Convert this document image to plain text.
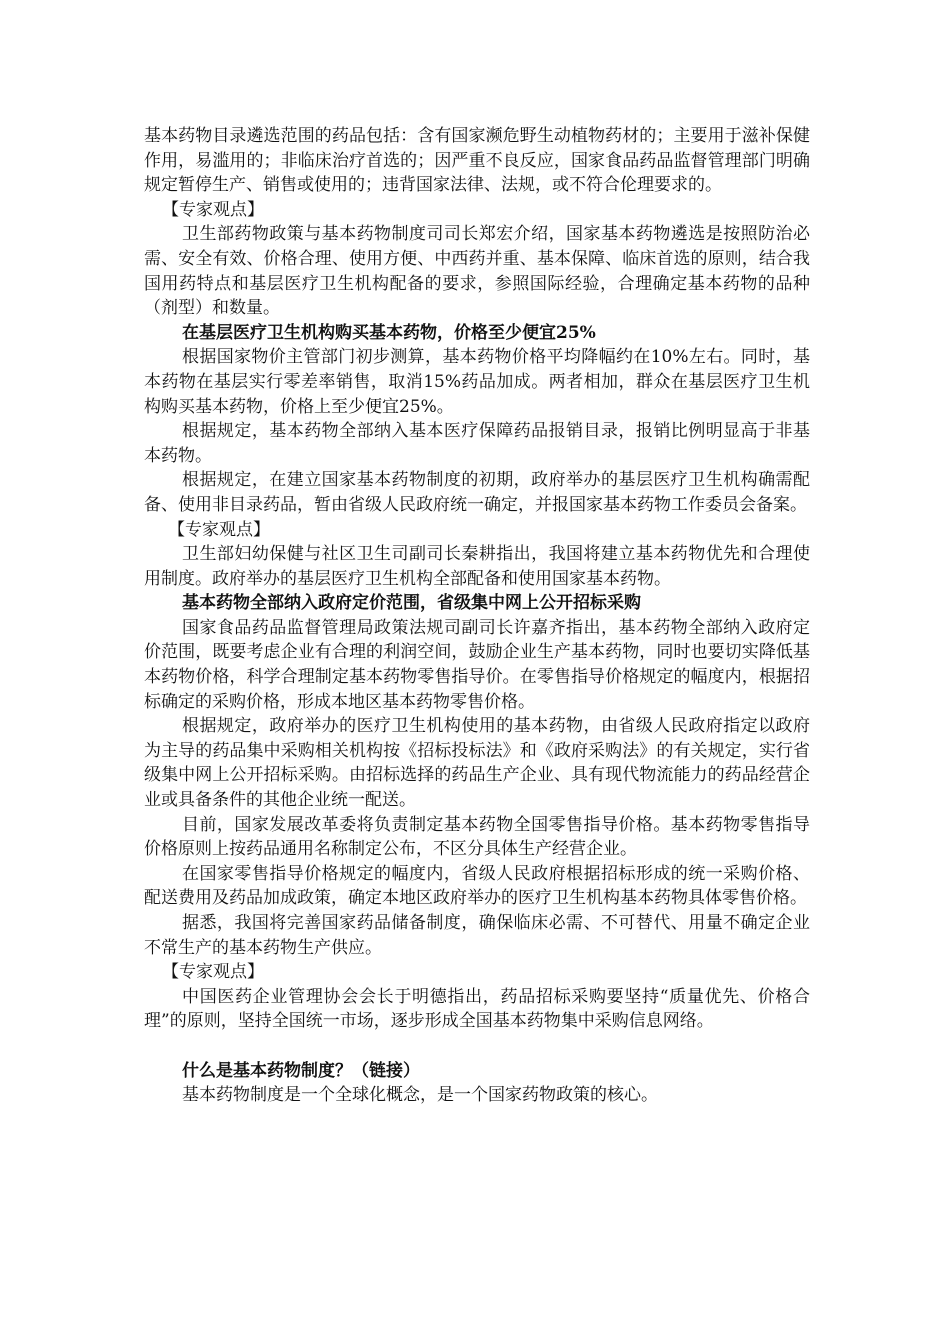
基本药物目录遴选范围的药品包括：含有国家濒危野生动植物药材的；主要用于滋补保健作用，易滥用的；非临床治疗首选的；因严重不良反应，国家食品药品监督管理部门明确规定暂停生产、销售或使用的；违背国家法律、法规，或不符合伦理要求的。

【专家观点】

卫生部药物政策与基本药物制度司司长郑宏介绍，国家基本药物遴选是按照防治必需、安全有效、价格合理、使用方便、中西药并重、基本保障、临床首选的原则，结合我国用药特点和基层医疗卫生机构配备的要求，参照国际经验，合理确定基本药物的品种（剂型）和数量。

在基层医疗卫生机构购买基本药物，价格至少便宜25%

根据国家物价主管部门初步测算，基本药物价格平均降幅约在10%左右。同时，基本药物在基层实行零差率销售，取消15%药品加成。两者相加，群众在基层医疗卫生机构购买基本药物，价格上至少便宜25%。

根据规定，基本药物全部纳入基本医疗保障药品报销目录，报销比例明显高于非基本药物。

根据规定，在建立国家基本药物制度的初期，政府举办的基层医疗卫生机构确需配备、使用非目录药品，暂由省级人民政府统一确定，并报国家基本药物工作委员会备案。

【专家观点】

卫生部妇幼保健与社区卫生司副司长秦耕指出，我国将建立基本药物优先和合理使用制度。政府举办的基层医疗卫生机构全部配备和使用国家基本药物。

基本药物全部纳入政府定价范围，省级集中网上公开招标采购

国家食品药品监督管理局政策法规司副司长许嘉齐指出，基本药物全部纳入政府定价范围，既要考虑企业有合理的利润空间，鼓励企业生产基本药物，同时也要切实降低基本药物价格，科学合理制定基本药物零售指导价。在零售指导价格规定的幅度内，根据招标确定的采购价格，形成本地区基本药物零售价格。

根据规定，政府举办的医疗卫生机构使用的基本药物，由省级人民政府指定以政府为主导的药品集中采购相关机构按《招标投标法》和《政府采购法》的有关规定，实行省级集中网上公开招标采购。由招标选择的药品生产企业、具有现代物流能力的药品经营企业或具备条件的其他企业统一配送。

目前，国家发展改革委将负责制定基本药物全国零售指导价格。基本药物零售指导价格原则上按药品通用名称制定公布，不区分具体生产经营企业。

在国家零售指导价格规定的幅度内，省级人民政府根据招标形成的统一采购价格、配送费用及药品加成政策，确定本地区政府举办的医疗卫生机构基本药物具体零售价格。

据悉，我国将完善国家药品储备制度，确保临床必需、不可替代、用量不确定企业不常生产的基本药物生产供应。

【专家观点】

中国医药企业管理协会会长于明德指出，药品招标采购要坚持“质量优先、价格合理”的原则，坚持全国统一市场，逐步形成全国基本药物集中采购信息网络。

什么是基本药物制度？（链接）

基本药物制度是一个全球化概念，是一个国家药物政策的核心。
